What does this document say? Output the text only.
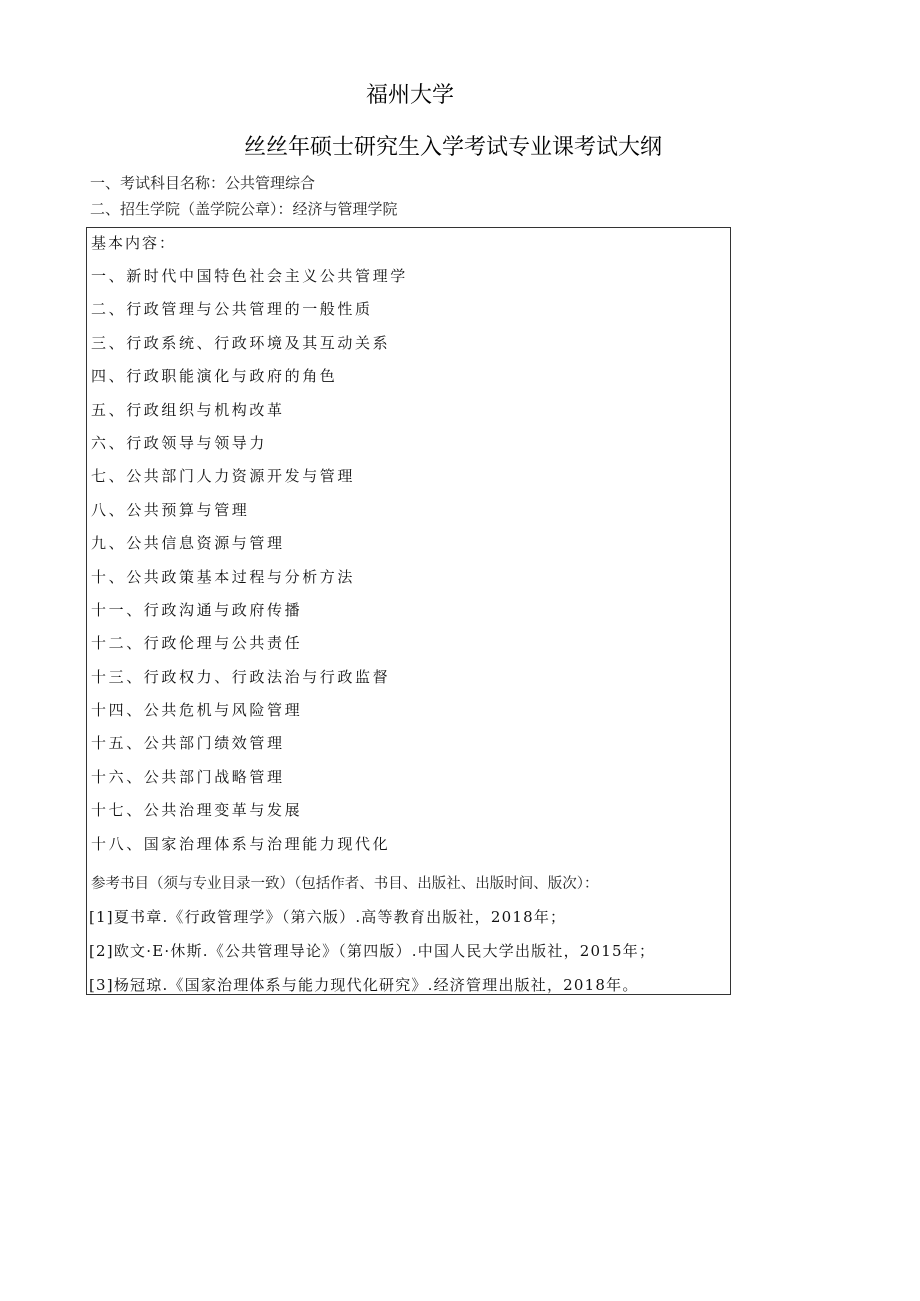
福州大学
丝丝年硕士研究生入学考试专业课考试大纲
一、考试科目名称：公共管理综合
二、招生学院（盖学院公章）：经济与管理学院
基本内容：
一、新时代中国特色社会主义公共管理学
二、行政管理与公共管理的一般性质
三、行政系统、行政环境及其互动关系
四、行政职能演化与政府的角色
五、行政组织与机构改革
六、行政领导与领导力
七、公共部门人力资源开发与管理
八、公共预算与管理
九、公共信息资源与管理
十、公共政策基本过程与分析方法
十一、行政沟通与政府传播
十二、行政伦理与公共责任
十三、行政权力、行政法治与行政监督
十四、公共危机与风险管理
十五、公共部门绩效管理
十六、公共部门战略管理
十七、公共治理变革与发展
十八、国家治理体系与治理能力现代化
参考书目（须与专业目录一致）（包括作者、书目、出版社、出版时间、版次）：
[1]夏书章.《行政管理学》（第六版）.高等教育出版社，2018年；
[2]欧文·E·休斯.《公共管理导论》（第四版）.中国人民大学出版社，2015年；
[3]杨冠琼.《国家治理体系与能力现代化研究》.经济管理出版社，2018年。
